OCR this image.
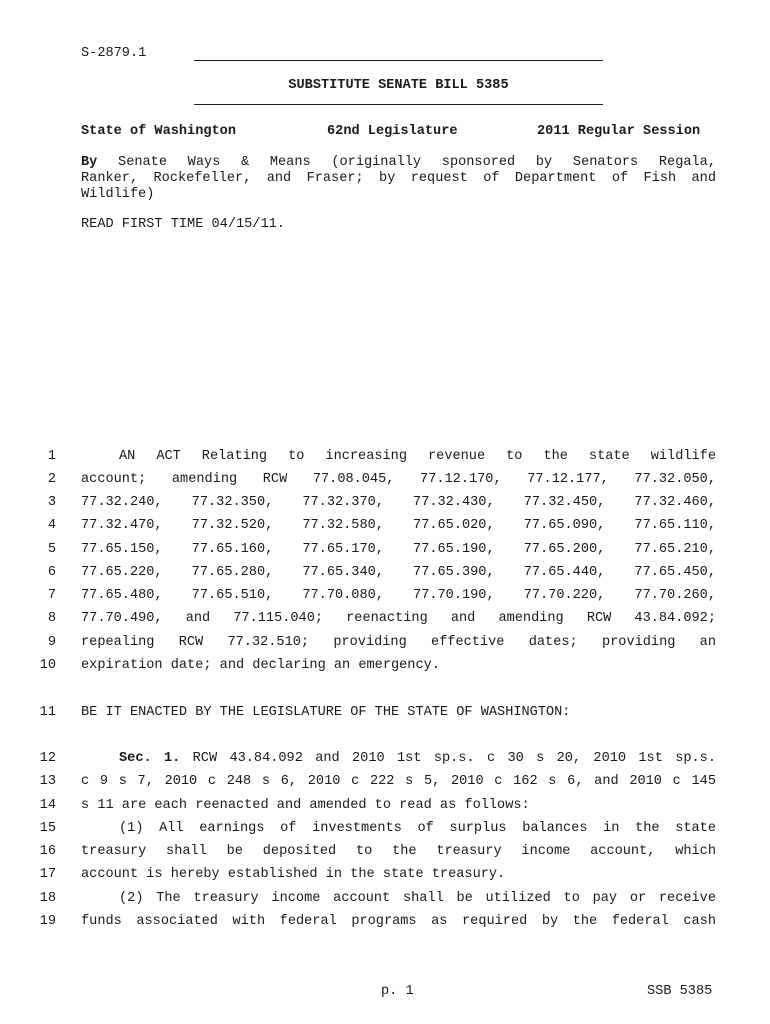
S-2879.1
SUBSTITUTE SENATE BILL 5385
State of Washington	62nd Legislature	2011 Regular Session
By Senate Ways & Means (originally sponsored by Senators Regala,
Ranker, Rockefeller, and Fraser; by request of Department of Fish and
Wildlife)
READ FIRST TIME 04/15/11.
1	AN ACT Relating to increasing revenue to the state wildlife
2 account; amending RCW 77.08.045, 77.12.170, 77.12.177, 77.32.050,
3 77.32.240, 77.32.350, 77.32.370, 77.32.430, 77.32.450, 77.32.460,
4 77.32.470, 77.32.520, 77.32.580, 77.65.020, 77.65.090, 77.65.110,
5 77.65.150, 77.65.160, 77.65.170, 77.65.190, 77.65.200, 77.65.210,
6 77.65.220, 77.65.280, 77.65.340, 77.65.390, 77.65.440, 77.65.450,
7 77.65.480, 77.65.510, 77.70.080, 77.70.190, 77.70.220, 77.70.260,
8 77.70.490, and 77.115.040; reenacting and amending RCW 43.84.092;
9 repealing RCW 77.32.510; providing effective dates; providing an
10 expiration date; and declaring an emergency.
11 BE IT ENACTED BY THE LEGISLATURE OF THE STATE OF WASHINGTON:
12	Sec. 1. RCW 43.84.092 and 2010 1st sp.s. c 30 s 20, 2010 1st sp.s.
13 c 9 s 7, 2010 c 248 s 6, 2010 c 222 s 5, 2010 c 162 s 6, and 2010 c 145
14 s 11 are each reenacted and amended to read as follows:
15	(1) All earnings of investments of surplus balances in the state
16 treasury shall be deposited to the treasury income account, which
17 account is hereby established in the state treasury.
18	(2) The treasury income account shall be utilized to pay or receive
19 funds associated with federal programs as required by the federal cash
p. 1	SSB 5385
